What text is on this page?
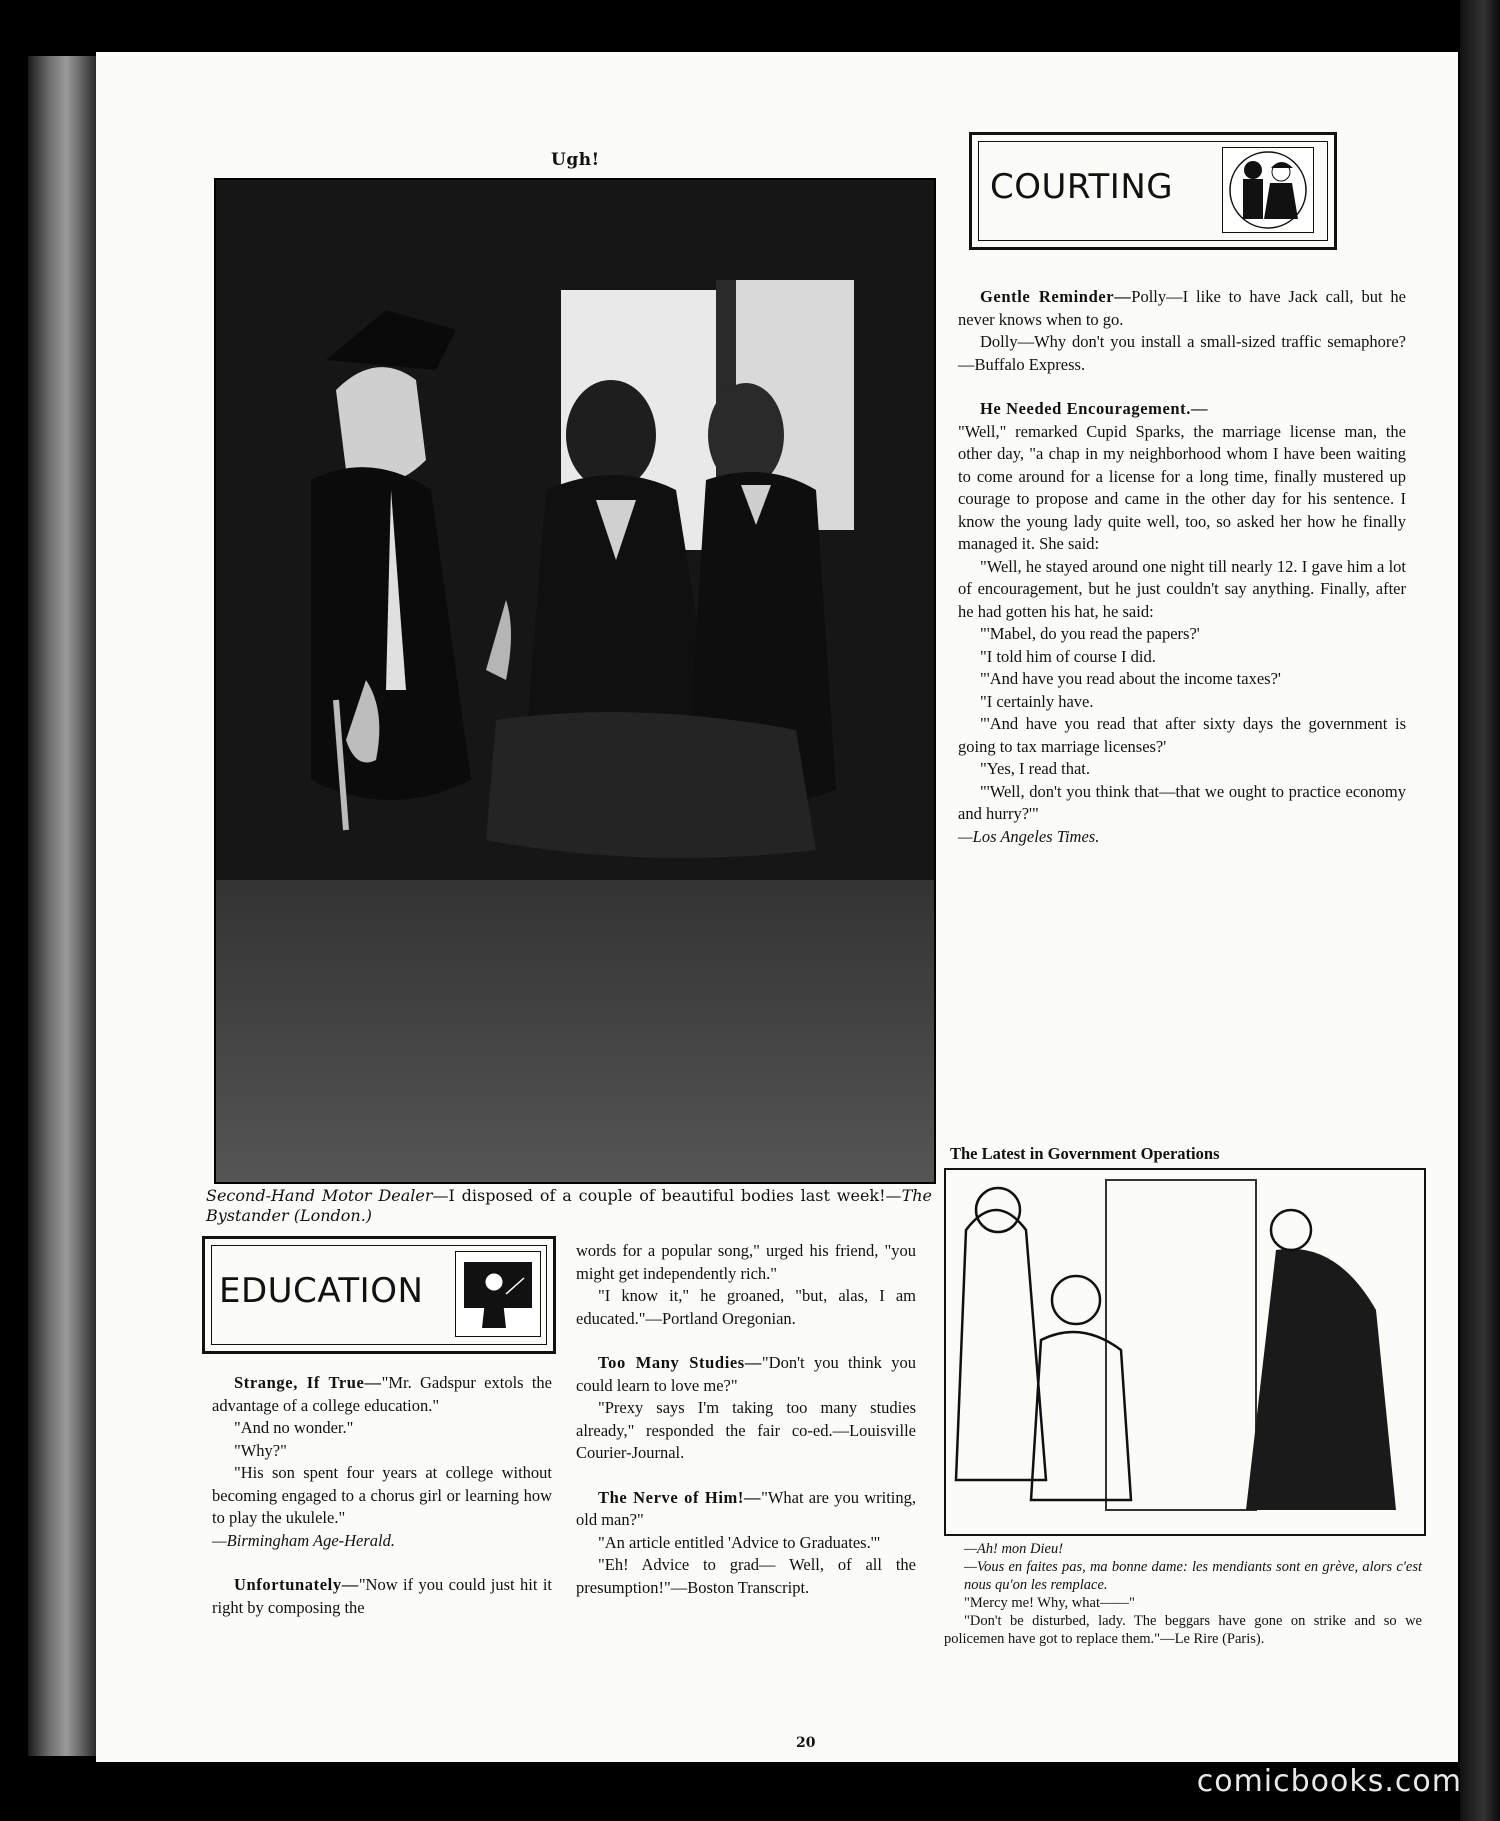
Ugh!
Second-Hand Motor Dealer—I disposed of a couple of beautiful bodies last week!—The Bystander (London.)
COURTING

Gentle Reminder—Polly—I like to have Jack call, but he never knows when to go.

Dolly—Why don't you install a small-sized traffic semaphore?—Buffalo Express.

He Needed Encouragement.—

"Well," remarked Cupid Sparks, the marriage license man, the other day, "a chap in my neighborhood whom I have been waiting to come around for a license for a long time, finally mustered up courage to propose and came in the other day for his sentence. I know the young lady quite well, too, so asked her how he finally managed it. She said:

"Well, he stayed around one night till nearly 12. I gave him a lot of encouragement, but he just couldn't say anything. Finally, after he had gotten his hat, he said:

"'Mabel, do you read the papers?'

"I told him of course I did.

"'And have you read about the income taxes?'

"I certainly have.

"'And have you read that after sixty days the government is going to tax marriage licenses?'

"Yes, I read that.

"'Well, don't you think that—that we ought to practice economy and hurry?'"

—Los Angeles Times.

The Latest in Government Operations

—Ah! mon Dieu!

—Vous en faites pas, ma bonne dame: les mendiants sont en grève, alors c'est nous qu'on les remplace.

"Mercy me! Why, what——"

"Don't be disturbed, lady. The beggars have gone on strike and so we policemen have got to replace them."—Le Rire (Paris).

EDUCATION

Strange, If True—"Mr. Gadspur extols the advantage of a college education."

"And no wonder."

"Why?"

"His son spent four years at college without becoming engaged to a chorus girl or learning how to play the ukulele."

—Birmingham Age-Herald.

Unfortunately—"Now if you could just hit it right by composing the

words for a popular song," urged his friend, "you might get independently rich."

"I know it," he groaned, "but, alas, I am educated."—Portland Oregonian.

Too Many Studies—"Don't you think you could learn to love me?"

"Prexy says I'm taking too many studies already," responded the fair co-ed.—Louisville Courier-Journal.

The Nerve of Him!—"What are you writing, old man?"

"An article entitled 'Advice to Graduates.'"

"Eh! Advice to grad— Well, of all the presumption!"—Boston Transcript.

20
comicbooks.com
